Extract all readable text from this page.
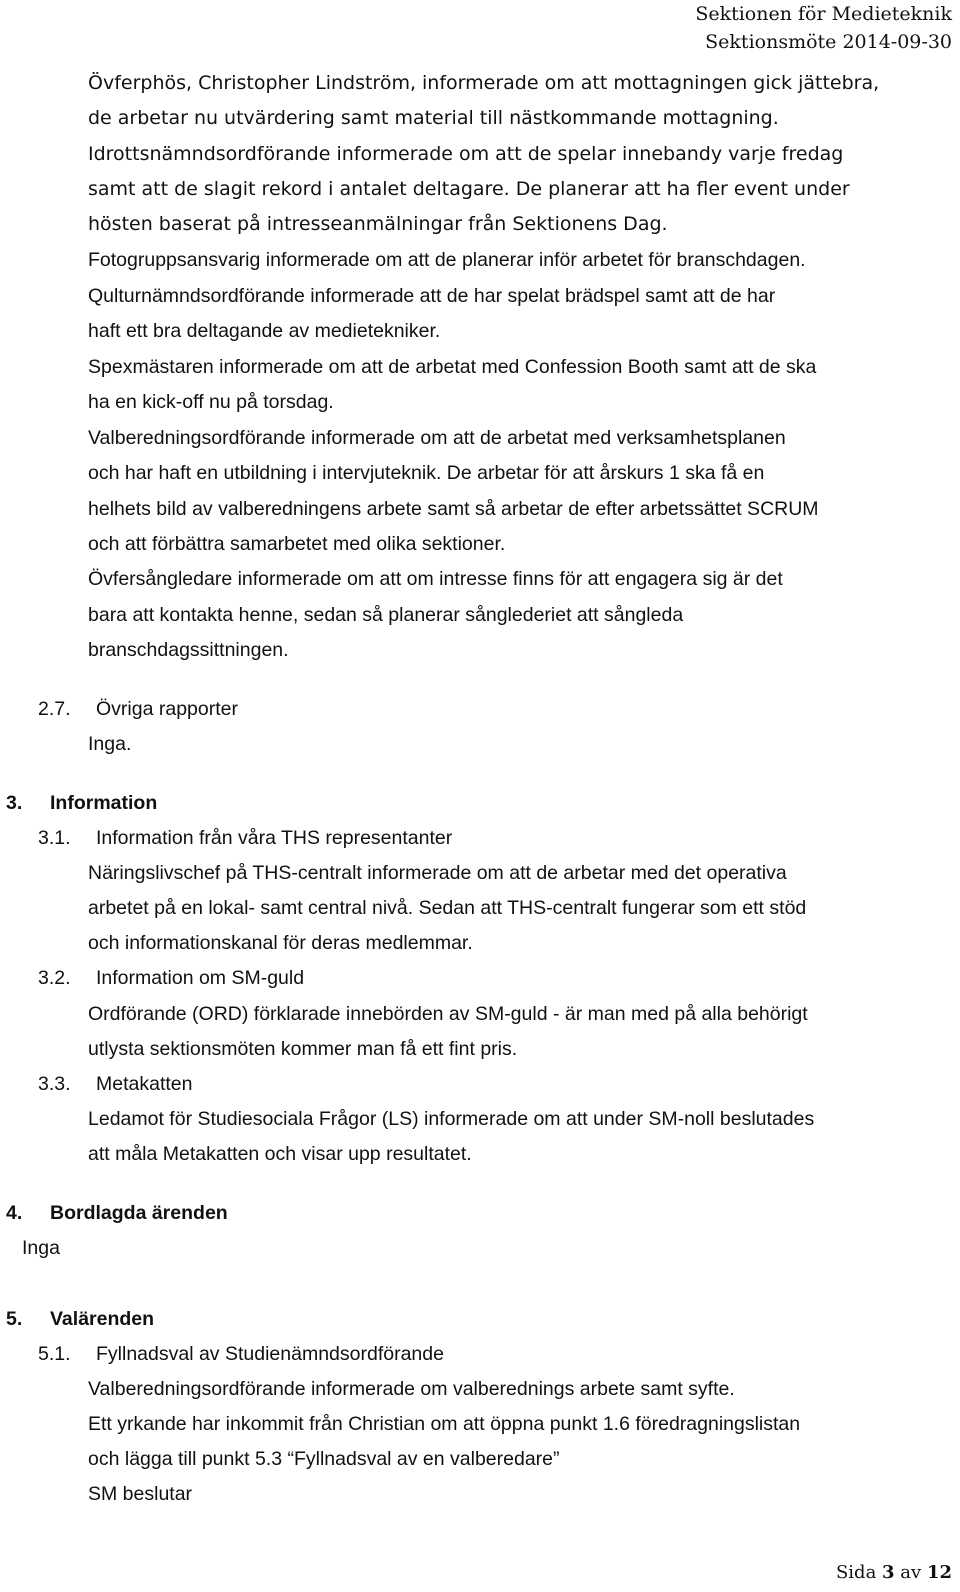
Sektionen för Medieteknik
Sektionsmöte 2014-09-30
Övferphös, Christopher Lindström, informerade om att mottagningen gick jättebra,
de arbetar nu utvärdering samt material till nästkommande mottagning.
Idrottsnämndsordförande informerade om att de spelar innebandy varje fredag
samt att de slagit rekord i antalet deltagare. De planerar att ha fler event under
hösten baserat på intresseanmälningar från Sektionens Dag.
Fotogruppsansvarig informerade om att de planerar inför arbetet för branschdagen.
Qulturnämndsordförande informerade att de har spelat brädspel samt att de har
haft ett bra deltagande av medietekniker.
Spexmästaren informerade om att de arbetat med Confession Booth samt att de ska
ha en kick-off nu på torsdag.
Valberedningsordförande informerade om att de arbetat med verksamhetsplanen
och har haft en utbildning i intervjuteknik. De arbetar för att årskurs 1 ska få en
helhets bild av valberedningens arbete samt så arbetar de efter arbetssättet SCRUM
och att förbättra samarbetet med olika sektioner.
Övfersångledare informerade om att om intresse finns för att engagera sig är det
bara att kontakta henne, sedan så planerar sånglederiet att sångleda
branschdagssittningen.
2.7. Övriga rapporter
Inga.
3. Information
3.1. Information från våra THS representanter
Näringslivschef på THS-centralt informerade om att de arbetar med det operativa
arbetet på en lokal- samt central nivå. Sedan att THS-centralt fungerar som ett stöd
och informationskanal för deras medlemmar.
3.2. Information om SM-guld
Ordförande (ORD) förklarade innebörden av SM-guld - är man med på alla behörigt
utlysta sektionsmöten kommer man få ett fint pris.
3.3. Metakatten
Ledamot för Studiesociala Frågor (LS) informerade om att under SM-noll beslutades
att måla Metakatten och visar upp resultatet.
4. Bordlagda ärenden
Inga
5. Valärenden
5.1. Fyllnadsval av Studienämndsordförande
Valberedningsordförande informerade om valberednings arbete samt syfte.
Ett yrkande har inkommit från Christian om att öppna punkt 1.6 föredragningslistan
och lägga till punkt 5.3 “Fyllnadsval av en valberedare”
SM beslutar
Sida 3 av 12
